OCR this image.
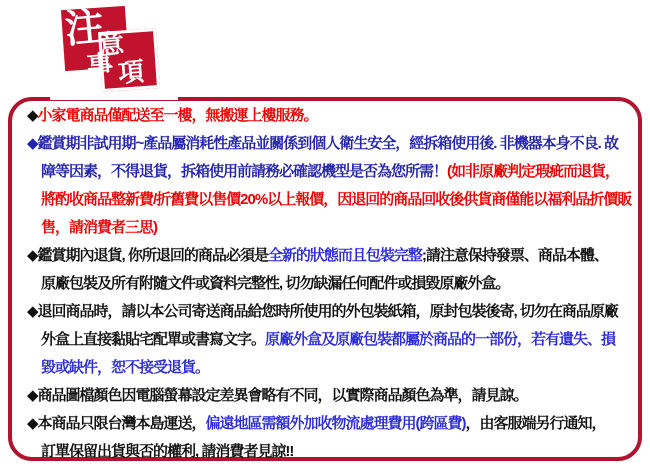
◆小家電商品僅配送至一樓，無搬運上樓服務。
◆鑑賞期非試用期~產品屬消耗性產品並關係到個人衛生安全，經拆箱使用後. 非機器本身不良. 故
障等因素，不得退貨，拆箱使用前請務必確認機型是否為您所需！(如非原廠判定瑕疵而退貨，
將酌收商品整新費/折舊費以售價20%以上報價，因退回的商品回收後供貨商僅能以福利品折價販
售，請消費者三思)
◆鑑賞期內退貨, 你所退回的商品必須是全新的狀態而且包裝完整;請注意保持發票、商品本體、
原廠包裝及所有附隨文件或資料完整性, 切勿缺漏任何配件或損毀原廠外盒。
◆退回商品時，請以本公司寄送商品給您時所使用的外包裝紙箱，原封包裝後寄, 切勿在商品原廠
外盒上直接黏貼宅配單或書寫文字。原廠外盒及原廠包裝都屬於商品的一部份，若有遺失、損
毀或缺件，恕不接受退貨。
◆商品圖檔顏色因電腦螢幕設定差異會略有不同，以實際商品顏色為準，請見諒。
◆本商品只限台灣本島運送，偏遠地區需額外加收物流處理費用(跨區費)，由客服端另行通知，
訂單保留出貨與否的權利, 請消費者見諒!!
注
意
事 項
